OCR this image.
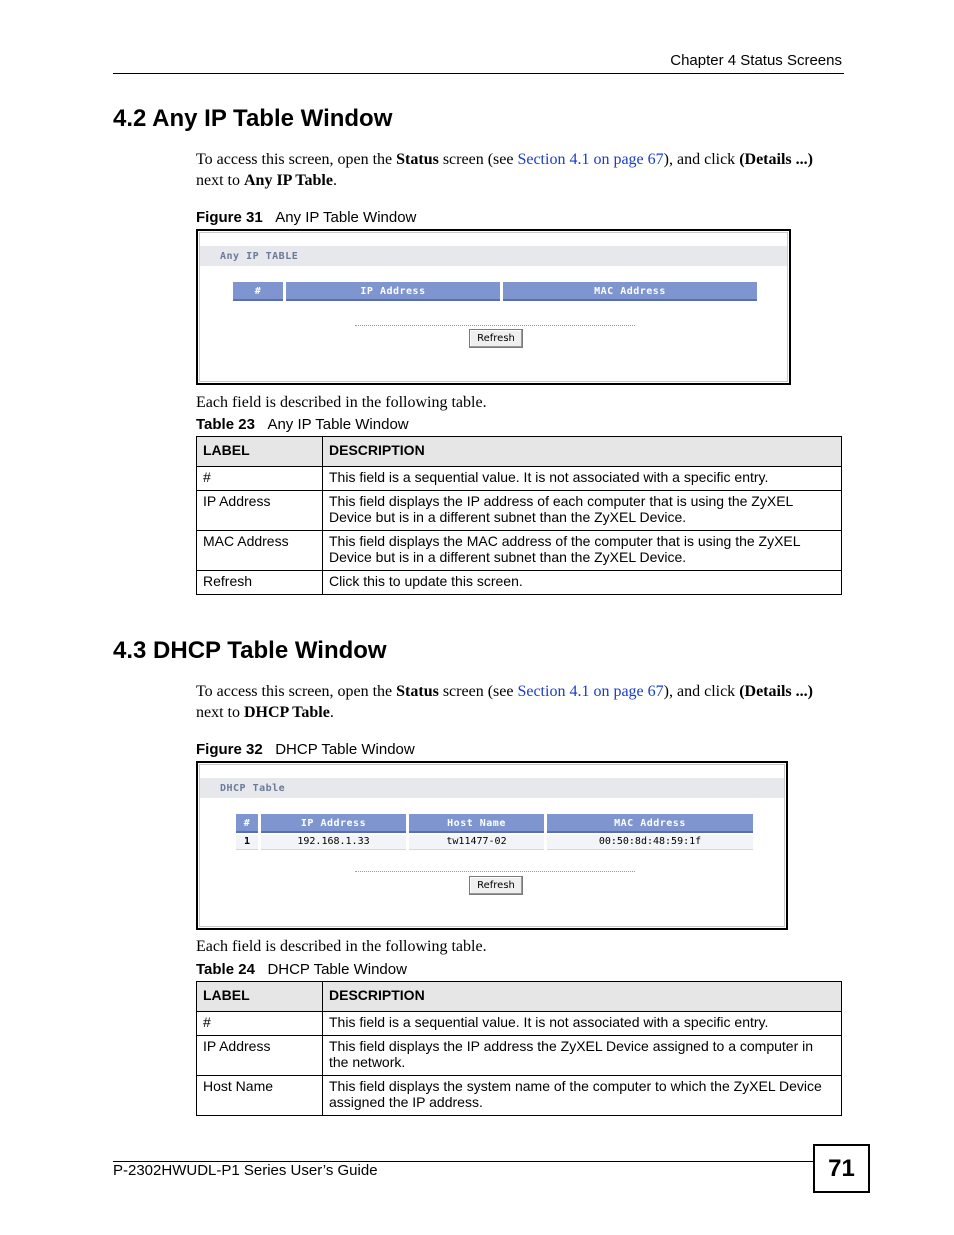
Chapter 4 Status Screens
4.2 Any IP Table Window
To access this screen, open the Status screen (see Section 4.1 on page 67), and click (Details ...) next to Any IP Table.
Figure 31 Any IP Table Window
Any IP TABLE
#	IP Address	MAC Address
Refresh
Each field is described in the following table.
Table 23 Any IP Table Window
LABEL	DESCRIPTION
#	This field is a sequential value. It is not associated with a specific entry.
IP Address	This field displays the IP address of each computer that is using the ZyXEL Device but is in a different subnet than the ZyXEL Device.
MAC Address	This field displays the MAC address of the computer that is using the ZyXEL Device but is in a different subnet than the ZyXEL Device.
Refresh	Click this to update this screen.
4.3 DHCP Table Window
To access this screen, open the Status screen (see Section 4.1 on page 67), and click (Details ...) next to DHCP Table.
Figure 32 DHCP Table Window
DHCP Table
#	IP Address	Host Name	MAC Address
1	192.168.1.33	tw11477-02	00:50:8d:48:59:1f
Refresh
Each field is described in the following table.
Table 24 DHCP Table Window
LABEL	DESCRIPTION
#	This field is a sequential value. It is not associated with a specific entry.
IP Address	This field displays the IP address the ZyXEL Device assigned to a computer in the network.
Host Name	This field displays the system name of the computer to which the ZyXEL Device assigned the IP address.
P-2302HWUDL-P1 Series User’s Guide	71
